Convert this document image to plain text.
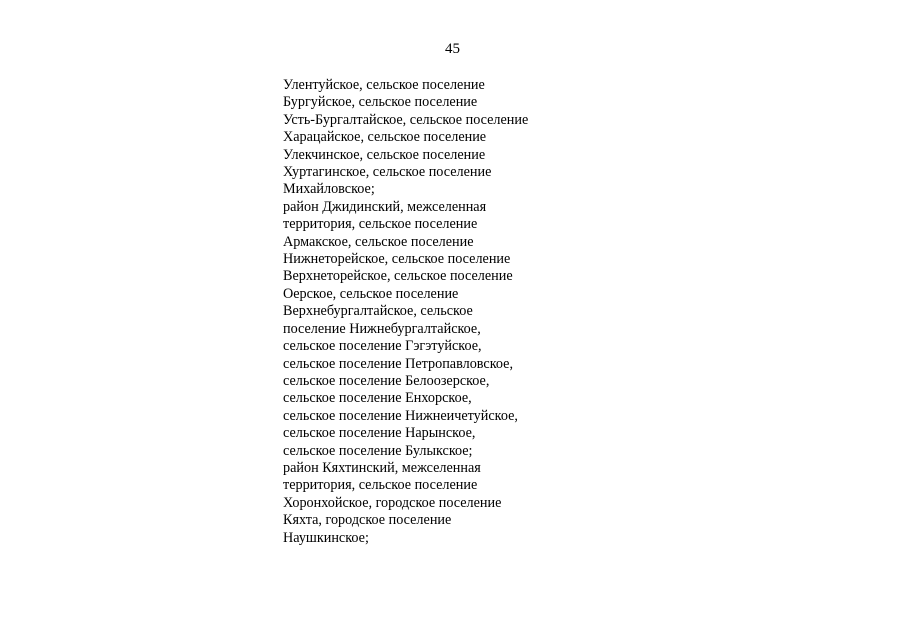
45
Улентуйское, сельское поселение
Бургуйское, сельское поселение
Усть-Бургалтайское, сельское поселение
Харацайское, сельское поселение
Улекчинское, сельское поселение
Хуртагинское, сельское поселение
Михайловское;
район Джидинский, межселенная
территория, сельское поселение
Армакское, сельское поселение
Нижнеторейское, сельское поселение
Верхнеторейское, сельское поселение
Оерское, сельское поселение
Верхнебургалтайское, сельское
поселение Нижнебургалтайское,
сельское поселение Гэгэтуйское,
сельское поселение Петропавловское,
сельское поселение Белоозерское,
сельское поселение Енхорское,
сельское поселение Нижнеичетуйское,
сельское поселение Нарынское,
сельское поселение Булыкское;
район Кяхтинский, межселенная
территория, сельское поселение
Хоронхойское, городское поселение
Кяхта, городское поселение
Наушкинское;
